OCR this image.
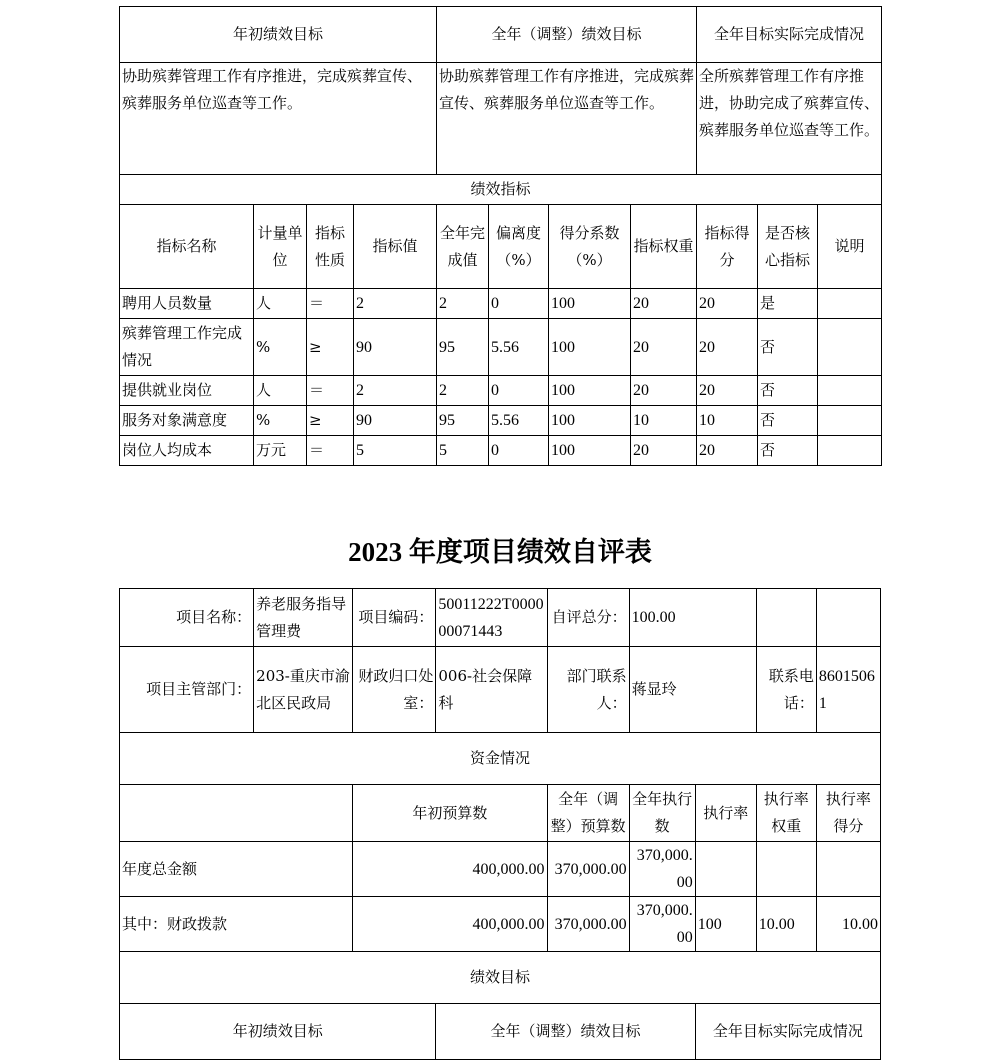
年初绩效目标				全年（调整）绩效目标				全年目标实际完成情况		
协助殡葬管理工作有序推进，完成殡葬宣传、殡葬服务单位巡查等工作。				协助殡葬管理工作有序推进，完成殡葬宣传、殡葬服务单位巡查等工作。				全所殡葬管理工作有序推进，协助完成了殡葬宣传、殡葬服务单位巡查等工作。		
绩效指标										
指标名称	计量单位	指标性质	指标值	全年完成值	偏离度（%）	得分系数（%）	指标权重	指标得分	是否核心指标	说明
聘用人员数量	人	＝	2	2	0	100	20	20	是	
殡葬管理工作完成情况	%	≥	90	95	5.56	100	20	20	否	
提供就业岗位	人	＝	2	2	0	100	20	20	否	
服务对象满意度	%	≥	90	95	5.56	100	10	10	否	
岗位人均成本	万元	＝	5	5	0	100	20	20	否	
2023 年度项目绩效自评表
项目名称：	养老服务指导管理费	项目编码：	50011222T000000071443	自评总分：	100.00			
项目主管部门：	203-重庆市渝北区民政局	财政归口处室：	006-社会保障科	部门联系人：	蒋显玲		联系电话：	86015061
资金情况								
		年初预算数		全年（调整）预算数	全年执行数	执行率	执行率权重	执行率得分
年度总金额		400,000.00		370,000.00	370,000.00			
其中：财政拨款		400,000.00		370,000.00	370,000.00	100	10.00	10.00
绩效目标								
年初绩效目标			全年（调整）绩效目标			全年目标实际完成情况		
